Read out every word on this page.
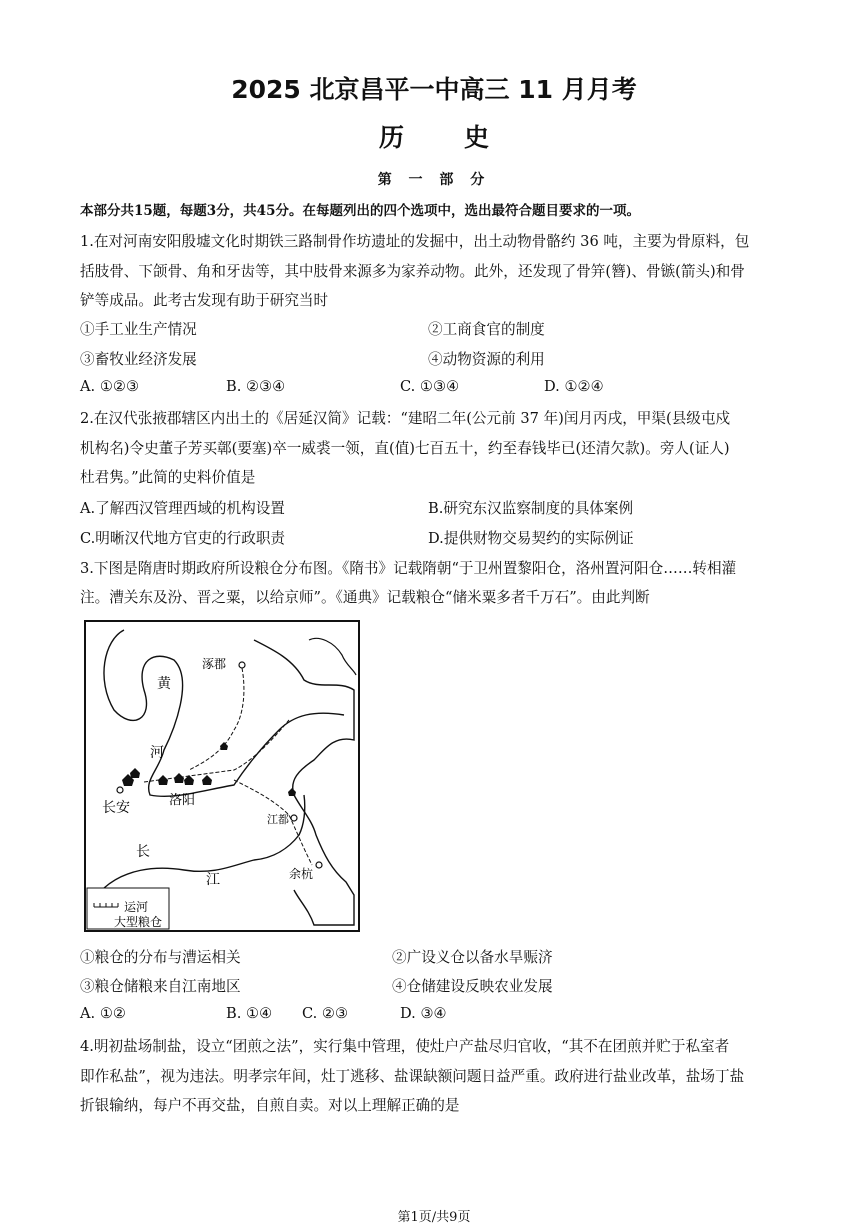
2025 北京昌平一中高三 11 月月考
历史
第 一 部 分
本部分共15题，每题3分，共45分。在每题列出的四个选项中，选出最符合题目要求的一项。
1.在对河南安阳殷墟文化时期铁三路制骨作坊遗址的发掘中，出土动物骨骼约 36 吨，主要为骨原料，包
括肢骨、下颌骨、角和牙齿等，其中肢骨来源多为家养动物。此外，还发现了骨笄(簪)、骨镞(箭头)和骨
铲等成品。此考古发现有助于研究当时
①手工业生产情况	②工商食官的制度
③畜牧业经济发展	④动物资源的利用
A. ①②③	B. ②③④	C. ①③④	D. ①②④
2.在汉代张掖郡辖区内出土的《居延汉简》记载：“建昭二年(公元前 37 年)闰月丙戌，甲渠(县级屯戍
机构名)令史董子芳买鄣(要塞)卒一威裘一领，直(值)七百五十，约至春钱毕已(还清欠款)。旁人(证人)
杜君隽。”此简的史料价值是
A.了解西汉管理西域的机构设置	B.研究东汉监察制度的具体案例
C.明晰汉代地方官吏的行政职责	D.提供财物交易契约的实际例证
3.下图是隋唐时期政府所设粮仓分布图。《隋书》记载隋朝“于卫州置黎阳仓，洛州置河阳仓……转相灌
注。漕关东及汾、晋之粟，以给京师”。《通典》记载粮仓“储米粟多者千万石”。由此判断
涿郡
洛阳
长安
江都
余杭
黄
河
长
江
运河
大型粮仓
①粮仓的分布与漕运相关	②广设义仓以备水旱赈济
③粮仓储粮来自江南地区	④仓储建设反映农业发展
A. ①②	B. ①④ C. ②③	D. ③④
4.明初盐场制盐，设立“团煎之法”，实行集中管理，使灶户产盐尽归官收，“其不在团煎并贮于私室者
即作私盐”，视为违法。明孝宗年间，灶丁逃移、盐课缺额问题日益严重。政府进行盐业改革，盐场丁盐
折银输纳，每户不再交盐，自煎自卖。对以上理解正确的是
第1页/共9页
